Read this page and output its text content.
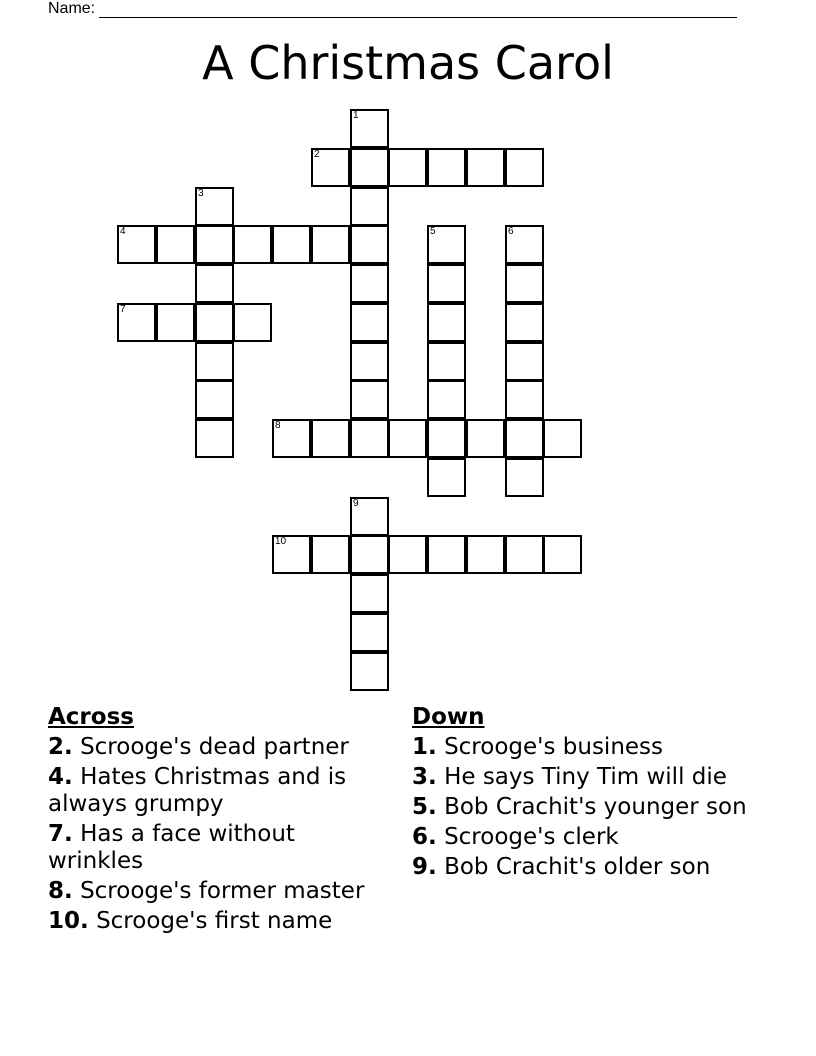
Name:
A Christmas Carol
1
2
3
4	5	6
7
8
9
10
Across
2. Scrooge's dead partner
4. Hates Christmas and is always grumpy
7. Has a face without wrinkles
8. Scrooge's former master
10. Scrooge's first name
Down
1. Scrooge's business
3. He says Tiny Tim will die
5. Bob Crachit's younger son
6. Scrooge's clerk
9. Bob Crachit's older son
